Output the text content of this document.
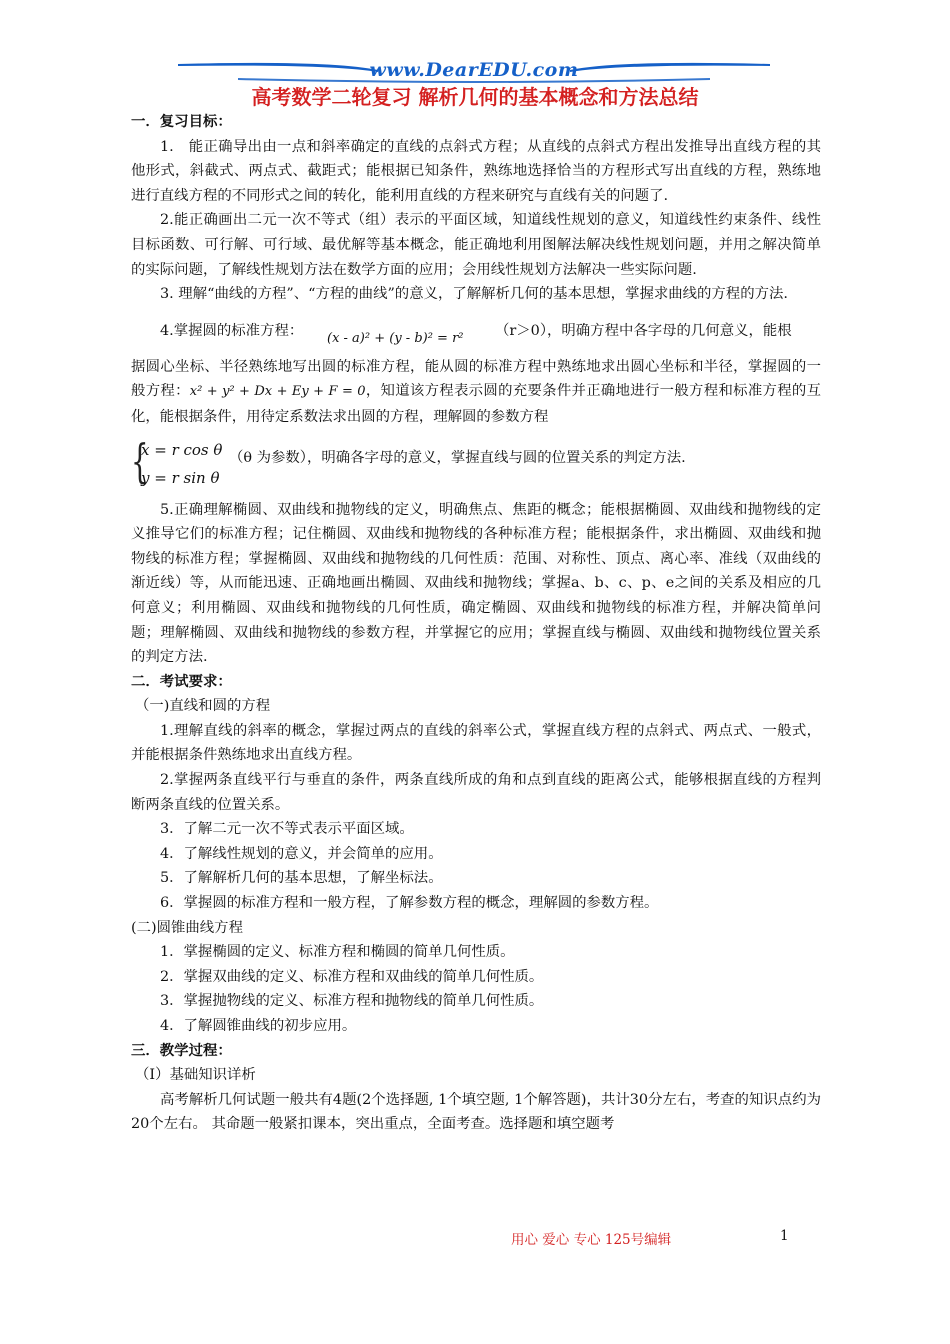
www.DearEDU.com
高考数学二轮复习 解析几何的基本概念和方法总结

一．复习目标：

1.　能正确导出由一点和斜率确定的直线的点斜式方程；从直线的点斜式方程出发推导出直线方程的其他形式，斜截式、两点式、截距式；能根据已知条件，熟练地选择恰当的方程形式写出直线的方程，熟练地进行直线方程的不同形式之间的转化，能利用直线的方程来研究与直线有关的问题了.

2.能正确画出二元一次不等式（组）表示的平面区域，知道线性规划的意义，知道线性约束条件、线性目标函数、可行解、可行域、最优解等基本概念，能正确地利用图解法解决线性规划问题，并用之解决简单的实际问题，了解线性规划方法在数学方面的应用；会用线性规划方法解决一些实际问题.

3. 理解“曲线的方程”、“方程的曲线”的意义，了解解析几何的基本思想，掌握求曲线的方程的方法.

4.掌握圆的标准方程： (x - a)² + (y - b)² = r² （r＞0），明确方程中各字母的几何意义，能根

据圆心坐标、半径熟练地写出圆的标准方程，能从圆的标准方程中熟练地求出圆心坐标和半径，掌握圆的一般方程：x² + y² + Dx + Ey + F = 0，知道该方程表示圆的充要条件并正确地进行一般方程和标准方程的互化，能根据条件，用待定系数法求出圆的方程，理解圆的参数方程

{
x = r cos θ
y = r sin θ
（θ 为参数），明确各字母的意义，掌握直线与圆的位置关系的判定方法.

5.正确理解椭圆、双曲线和抛物线的定义，明确焦点、焦距的概念；能根据椭圆、双曲线和抛物线的定义推导它们的标准方程；记住椭圆、双曲线和抛物线的各种标准方程；能根据条件，求出椭圆、双曲线和抛物线的标准方程；掌握椭圆、双曲线和抛物线的几何性质：范围、对称性、顶点、离心率、准线（双曲线的渐近线）等，从而能迅速、正确地画出椭圆、双曲线和抛物线；掌握a、b、c、p、e之间的关系及相应的几何意义；利用椭圆、双曲线和抛物线的几何性质，确定椭圆、双曲线和抛物线的标准方程，并解决简单问题；理解椭圆、双曲线和抛物线的参数方程，并掌握它的应用；掌握直线与椭圆、双曲线和抛物线位置关系的判定方法.

二．考试要求：

（一)直线和圆的方程

1.理解直线的斜率的概念，掌握过两点的直线的斜率公式，掌握直线方程的点斜式、两点式、一般式，并能根据条件熟练地求出直线方程。

2.掌握两条直线平行与垂直的条件，两条直线所成的角和点到直线的距离公式，能够根据直线的方程判断两条直线的位置关系。

3．了解二元一次不等式表示平面区域。

4．了解线性规划的意义，并会简单的应用。

5．了解解析几何的基本思想，了解坐标法。

6．掌握圆的标准方程和一般方程，了解参数方程的概念，理解圆的参数方程。

(二)圆锥曲线方程

1．掌握椭圆的定义、标准方程和椭圆的简单几何性质。

2．掌握双曲线的定义、标准方程和双曲线的简单几何性质。

3．掌握抛物线的定义、标准方程和抛物线的简单几何性质。

4．了解圆锥曲线的初步应用。

三．教学过程：

（Ⅰ）基础知识详析

高考解析几何试题一般共有4题(2个选择题, 1个填空题, 1个解答题)，共计30分左右，考查的知识点约为20个左右。 其命题一般紧扣课本，突出重点，全面考查。选择题和填空题考

用心 爱心 专心 125号编辑	1
